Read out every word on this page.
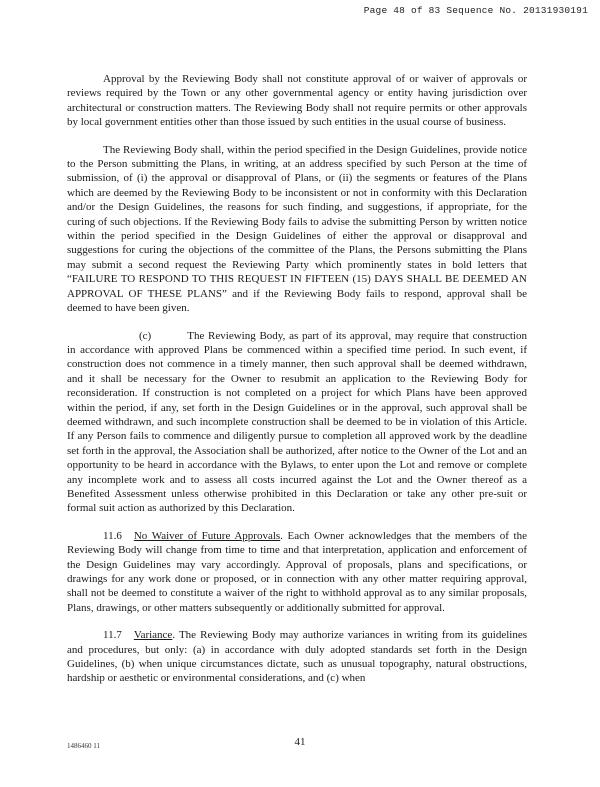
Page 48 of 83 Sequence No. 20131930191

Approval by the Reviewing Body shall not constitute approval of or waiver of approvals or reviews required by the Town or any other governmental agency or entity having jurisdiction over architectural or construction matters. The Reviewing Body shall not require permits or other approvals by local government entities other than those issued by such entities in the usual course of business.

The Reviewing Body shall, within the period specified in the Design Guidelines, provide notice to the Person submitting the Plans, in writing, at an address specified by such Person at the time of submission, of (i) the approval or disapproval of Plans, or (ii) the segments or features of the Plans which are deemed by the Reviewing Body to be inconsistent or not in conformity with this Declaration and/or the Design Guidelines, the reasons for such finding, and suggestions, if appropriate, for the curing of such objections. If the Reviewing Body fails to advise the submitting Person by written notice within the period specified in the Design Guidelines of either the approval or disapproval and suggestions for curing the objections of the committee of the Plans, the Persons submitting the Plans may submit a second request the Reviewing Party which prominently states in bold letters that “FAILURE TO RESPOND TO THIS REQUEST IN FIFTEEN (15) DAYS SHALL BE DEEMED AN APPROVAL OF THESE PLANS” and if the Reviewing Body fails to respond, approval shall be deemed to have been given.

(c)	The Reviewing Body, as part of its approval, may require that construction in accordance with approved Plans be commenced within a specified time period. In such event, if construction does not commence in a timely manner, then such approval shall be deemed withdrawn, and it shall be necessary for the Owner to resubmit an application to the Reviewing Body for reconsideration. If construction is not completed on a project for which Plans have been approved within the period, if any, set forth in the Design Guidelines or in the approval, such approval shall be deemed withdrawn, and such incomplete construction shall be deemed to be in violation of this Article. If any Person fails to commence and diligently pursue to completion all approved work by the deadline set forth in the approval, the Association shall be authorized, after notice to the Owner of the Lot and an opportunity to be heard in accordance with the Bylaws, to enter upon the Lot and remove or complete any incomplete work and to assess all costs incurred against the Lot and the Owner thereof as a Benefited Assessment unless otherwise prohibited in this Declaration or take any other pre-suit or formal suit action as authorized by this Declaration.

11.6 No Waiver of Future Approvals. Each Owner acknowledges that the members of the Reviewing Body will change from time to time and that interpretation, application and enforcement of the Design Guidelines may vary accordingly. Approval of proposals, plans and specifications, or drawings for any work done or proposed, or in connection with any other matter requiring approval, shall not be deemed to constitute a waiver of the right to withhold approval as to any similar proposals, Plans, drawings, or other matters subsequently or additionally submitted for approval.

11.7 Variance. The Reviewing Body may authorize variances in writing from its guidelines and procedures, but only: (a) in accordance with duly adopted standards set forth in the Design Guidelines, (b) when unique circumstances dictate, such as unusual topography, natural obstructions, hardship or aesthetic or environmental considerations, and (c) when

1486460 11	41
